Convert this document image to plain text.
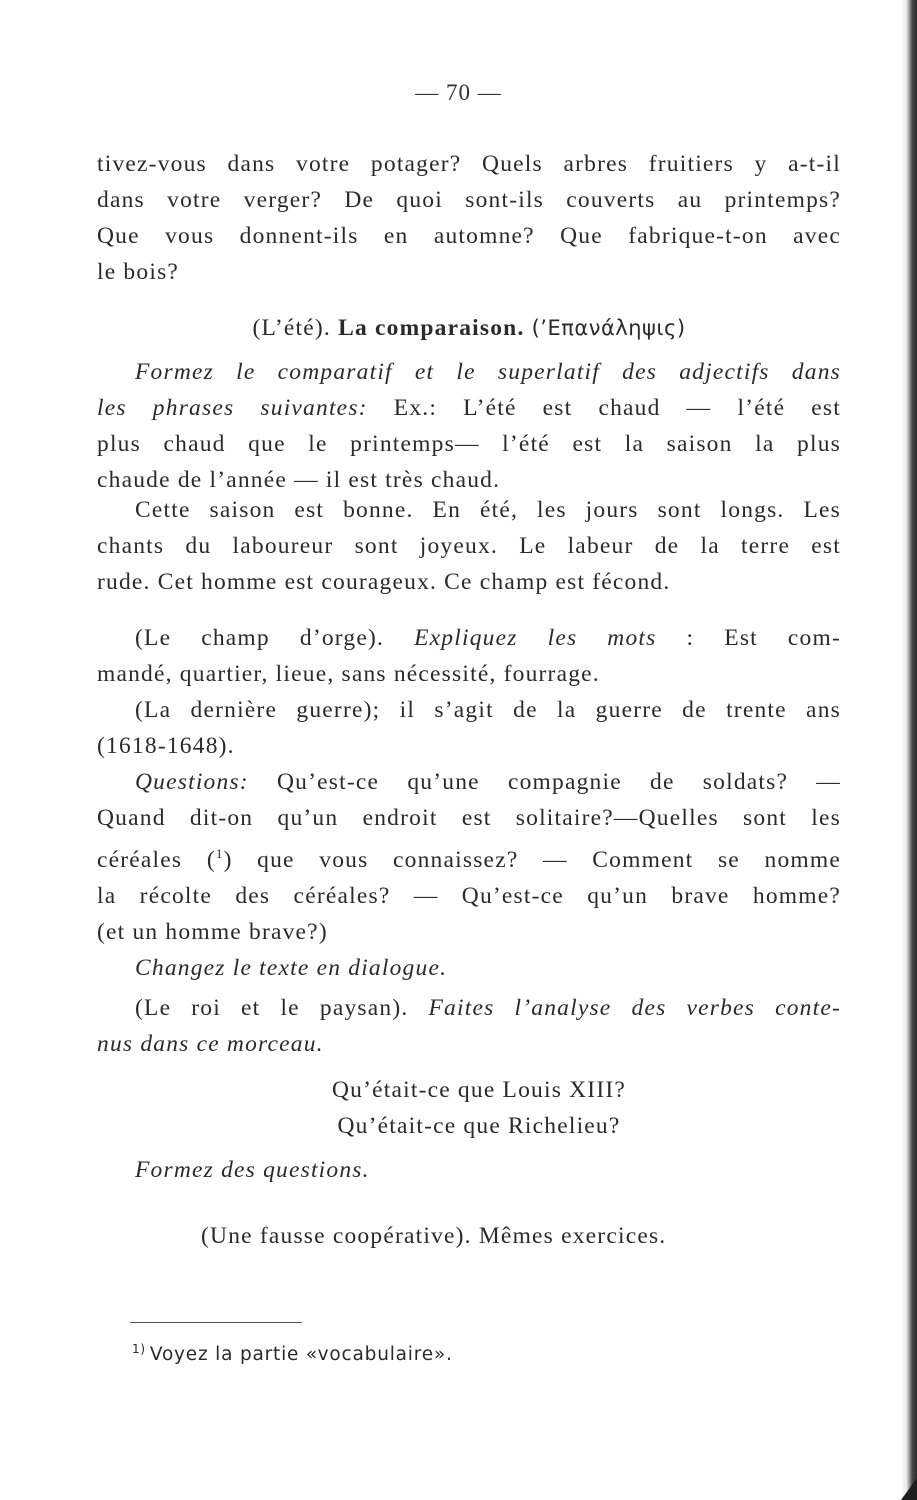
— 70 —
tivez-vous dans votre potager? Quels arbres fruitiers y a-t-il
dans votre verger? De quoi sont-ils couverts au printemps?
Que vous donnent-ils en automne? Que fabrique-t-on avec
le bois?
(L’été). La comparaison. (’Επανάληψις)
Formez le comparatif et le superlatif des adjectifs dans
les phrases suivantes: Ex.: L’été est chaud — l’été est
plus chaud que le printemps— l’été est la saison la plus
chaude de l’année — il est très chaud.
Cette saison est bonne. En été, les jours sont longs. Les
chants du laboureur sont joyeux. Le labeur de la terre est
rude. Cet homme est courageux. Ce champ est fécond.
(Le champ d’orge). Expliquez les mots : Est com-
mandé, quartier, lieue, sans nécessité, fourrage.
(La dernière guerre); il s’agit de la guerre de trente ans
(1618-1648).
Questions: Qu’est-ce qu’une compagnie de soldats? —
Quand dit-on qu’un endroit est solitaire?—Quelles sont les
céréales ($^1$) que vous connaissez? — Comment se nomme
la récolte des céréales? — Qu’est-ce qu’un brave homme?
(et un homme brave?)
Changez le texte en dialogue.
(Le roi et le paysan). Faites l’analyse des verbes conte-
nus dans ce morceau.
Qu’était-ce que Louis XIII?
Qu’était-ce que Richelieu?
Formez des questions.
(Une fausse coopérative). Mêmes exercices.
$^{1)}$ Voyez la partie «vocabulaire».
